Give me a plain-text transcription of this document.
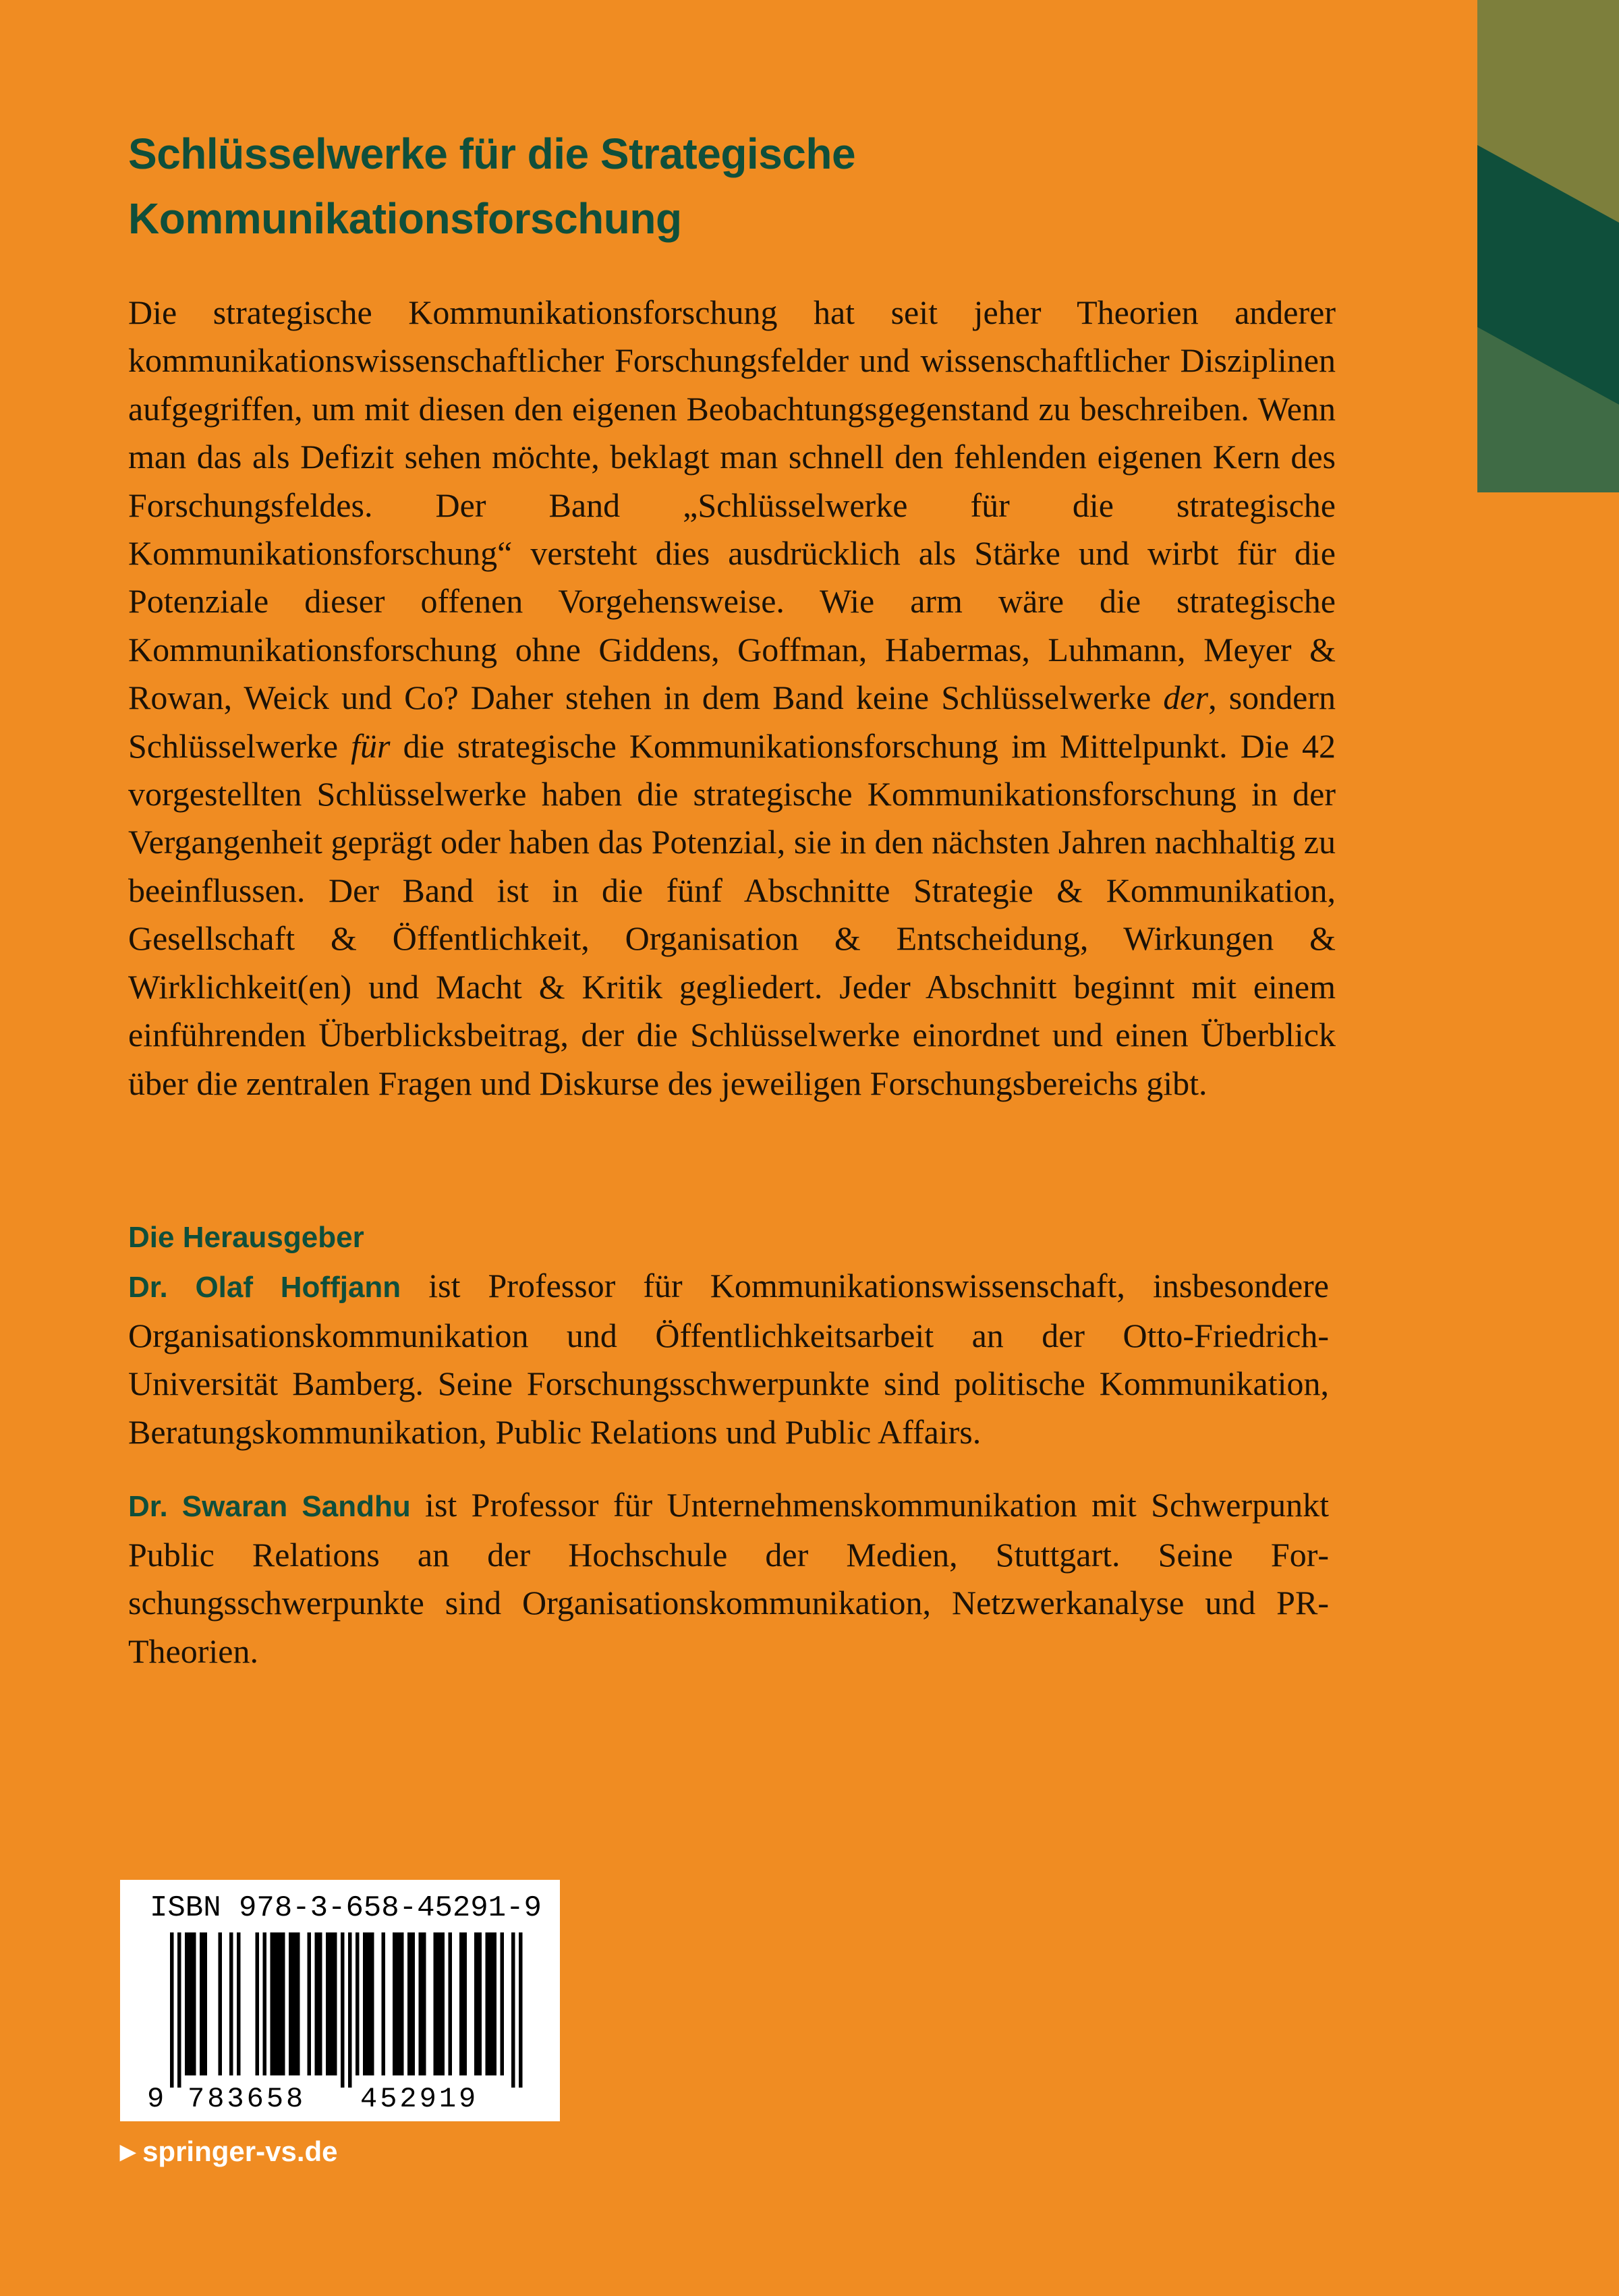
Schlüsselwerke für die Strategische
Kommunikationsforschung

Die strategische Kommunikationsforschung hat seit jeher Theorien anderer kommunikationswissenschaftlicher Forschungsfelder und wissenschaftlicher Disziplinen aufgegriffen, um mit diesen den eigenen Beobachtungsgegenstand zu beschreiben. Wenn man das als Defizit sehen möchte, beklagt man schnell den fehlenden eigenen Kern des Forschungsfeldes. Der Band „Schlüsselwerke für die strategische Kommunikationsforschung“ versteht dies ausdrücklich als Stärke und wirbt für die Potenziale dieser offenen Vorgehensweise. Wie arm wäre die strategische Kommunikationsforschung ohne Giddens, Goffman, Habermas, Luhmann, Meyer & Rowan, Weick und Co? Daher stehen in dem Band keine Schlüsselwerke der, sondern Schlüsselwerke für die strategische Kommunikationsforschung im Mittelpunkt. Die 42 vorgestellten Schlüsselwerke haben die strategische Kommunikationsforschung in der Vergangenheit geprägt oder haben das Potenzial, sie in den nächsten Jahren nachhaltig zu beeinflussen. Der Band ist in die fünf Abschnitte Strategie & Kommunikation, Gesellschaft & Öffentlichkeit, Organisation & Entscheidung, Wirkungen & Wirklichkeit(en) und Macht & Kritik gegliedert. Jeder Abschnitt beginnt mit einem einführenden Überblicksbeitrag, der die Schlüsselwerke einordnet und einen Überblick über die zentralen Fragen und Diskurse des jeweiligen Forschungsbereichs gibt.

Die Herausgeber

Dr. Olaf Hoffjann ist Professor für Kommunikationswissenschaft, insbesondere Organisationskommunikation und Öffentlichkeitsarbeit an der Otto-Friedrich-Universität Bamberg. Seine Forschungsschwerpunkte sind politische Kommunikation, Beratungskommunikation, Public Relations und Public Affairs.

Dr. Swaran Sandhu ist Professor für Unternehmenskommunikation mit Schwerpunkt Public Relations an der Hochschule der Medien, Stuttgart. Seine Forschungsschwerpunkte sind Organisationskommunikation, Netzwerkanalyse und PR-Theorien.

ISBN 978-3-658-45291-9
9 783658 452919
▶ springer-vs.de
